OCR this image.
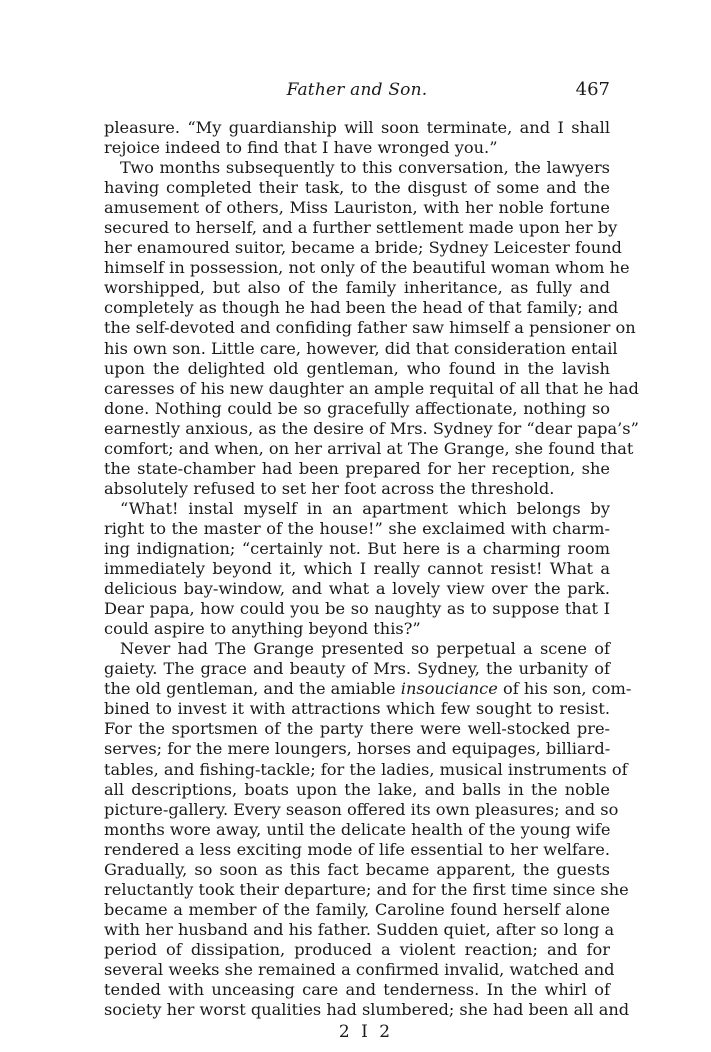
Father and Son.	467
pleasure. “My guardianship will soon terminate, and I shall
rejoice indeed to find that I have wronged you.”
Two months subsequently to this conversation, the lawyers
having completed their task, to the disgust of some and the
amusement of others, Miss Lauriston, with her noble fortune
secured to herself, and a further settlement made upon her by
her enamoured suitor, became a bride; Sydney Leicester found
himself in possession, not only of the beautiful woman whom he
worshipped, but also of the family inheritance, as fully and
completely as though he had been the head of that family; and
the self-devoted and confiding father saw himself a pensioner on
his own son. Little care, however, did that consideration entail
upon the delighted old gentleman, who found in the lavish
caresses of his new daughter an ample requital of all that he had
done. Nothing could be so gracefully affectionate, nothing so
earnestly anxious, as the desire of Mrs. Sydney for “dear papa’s”
comfort; and when, on her arrival at The Grange, she found that
the state-chamber had been prepared for her reception, she
absolutely refused to set her foot across the threshold.
“What! instal myself in an apartment which belongs by
right to the master of the house!” she exclaimed with charm-
ing indignation; “certainly not. But here is a charming room
immediately beyond it, which I really cannot resist! What a
delicious bay-window, and what a lovely view over the park.
Dear papa, how could you be so naughty as to suppose that I
could aspire to anything beyond this?”
Never had The Grange presented so perpetual a scene of
gaiety. The grace and beauty of Mrs. Sydney, the urbanity of
the old gentleman, and the amiable insouciance of his son, com-
bined to invest it with attractions which few sought to resist.
For the sportsmen of the party there were well-stocked pre-
serves; for the mere loungers, horses and equipages, billiard-
tables, and fishing-tackle; for the ladies, musical instruments of
all descriptions, boats upon the lake, and balls in the noble
picture-gallery. Every season offered its own pleasures; and so
months wore away, until the delicate health of the young wife
rendered a less exciting mode of life essential to her welfare.
Gradually, so soon as this fact became apparent, the guests
reluctantly took their departure; and for the first time since she
became a member of the family, Caroline found herself alone
with her husband and his father. Sudden quiet, after so long a
period of dissipation, produced a violent reaction; and for
several weeks she remained a confirmed invalid, watched and
tended with unceasing care and tenderness. In the whirl of
society her worst qualities had slumbered; she had been all and
2 I 2
